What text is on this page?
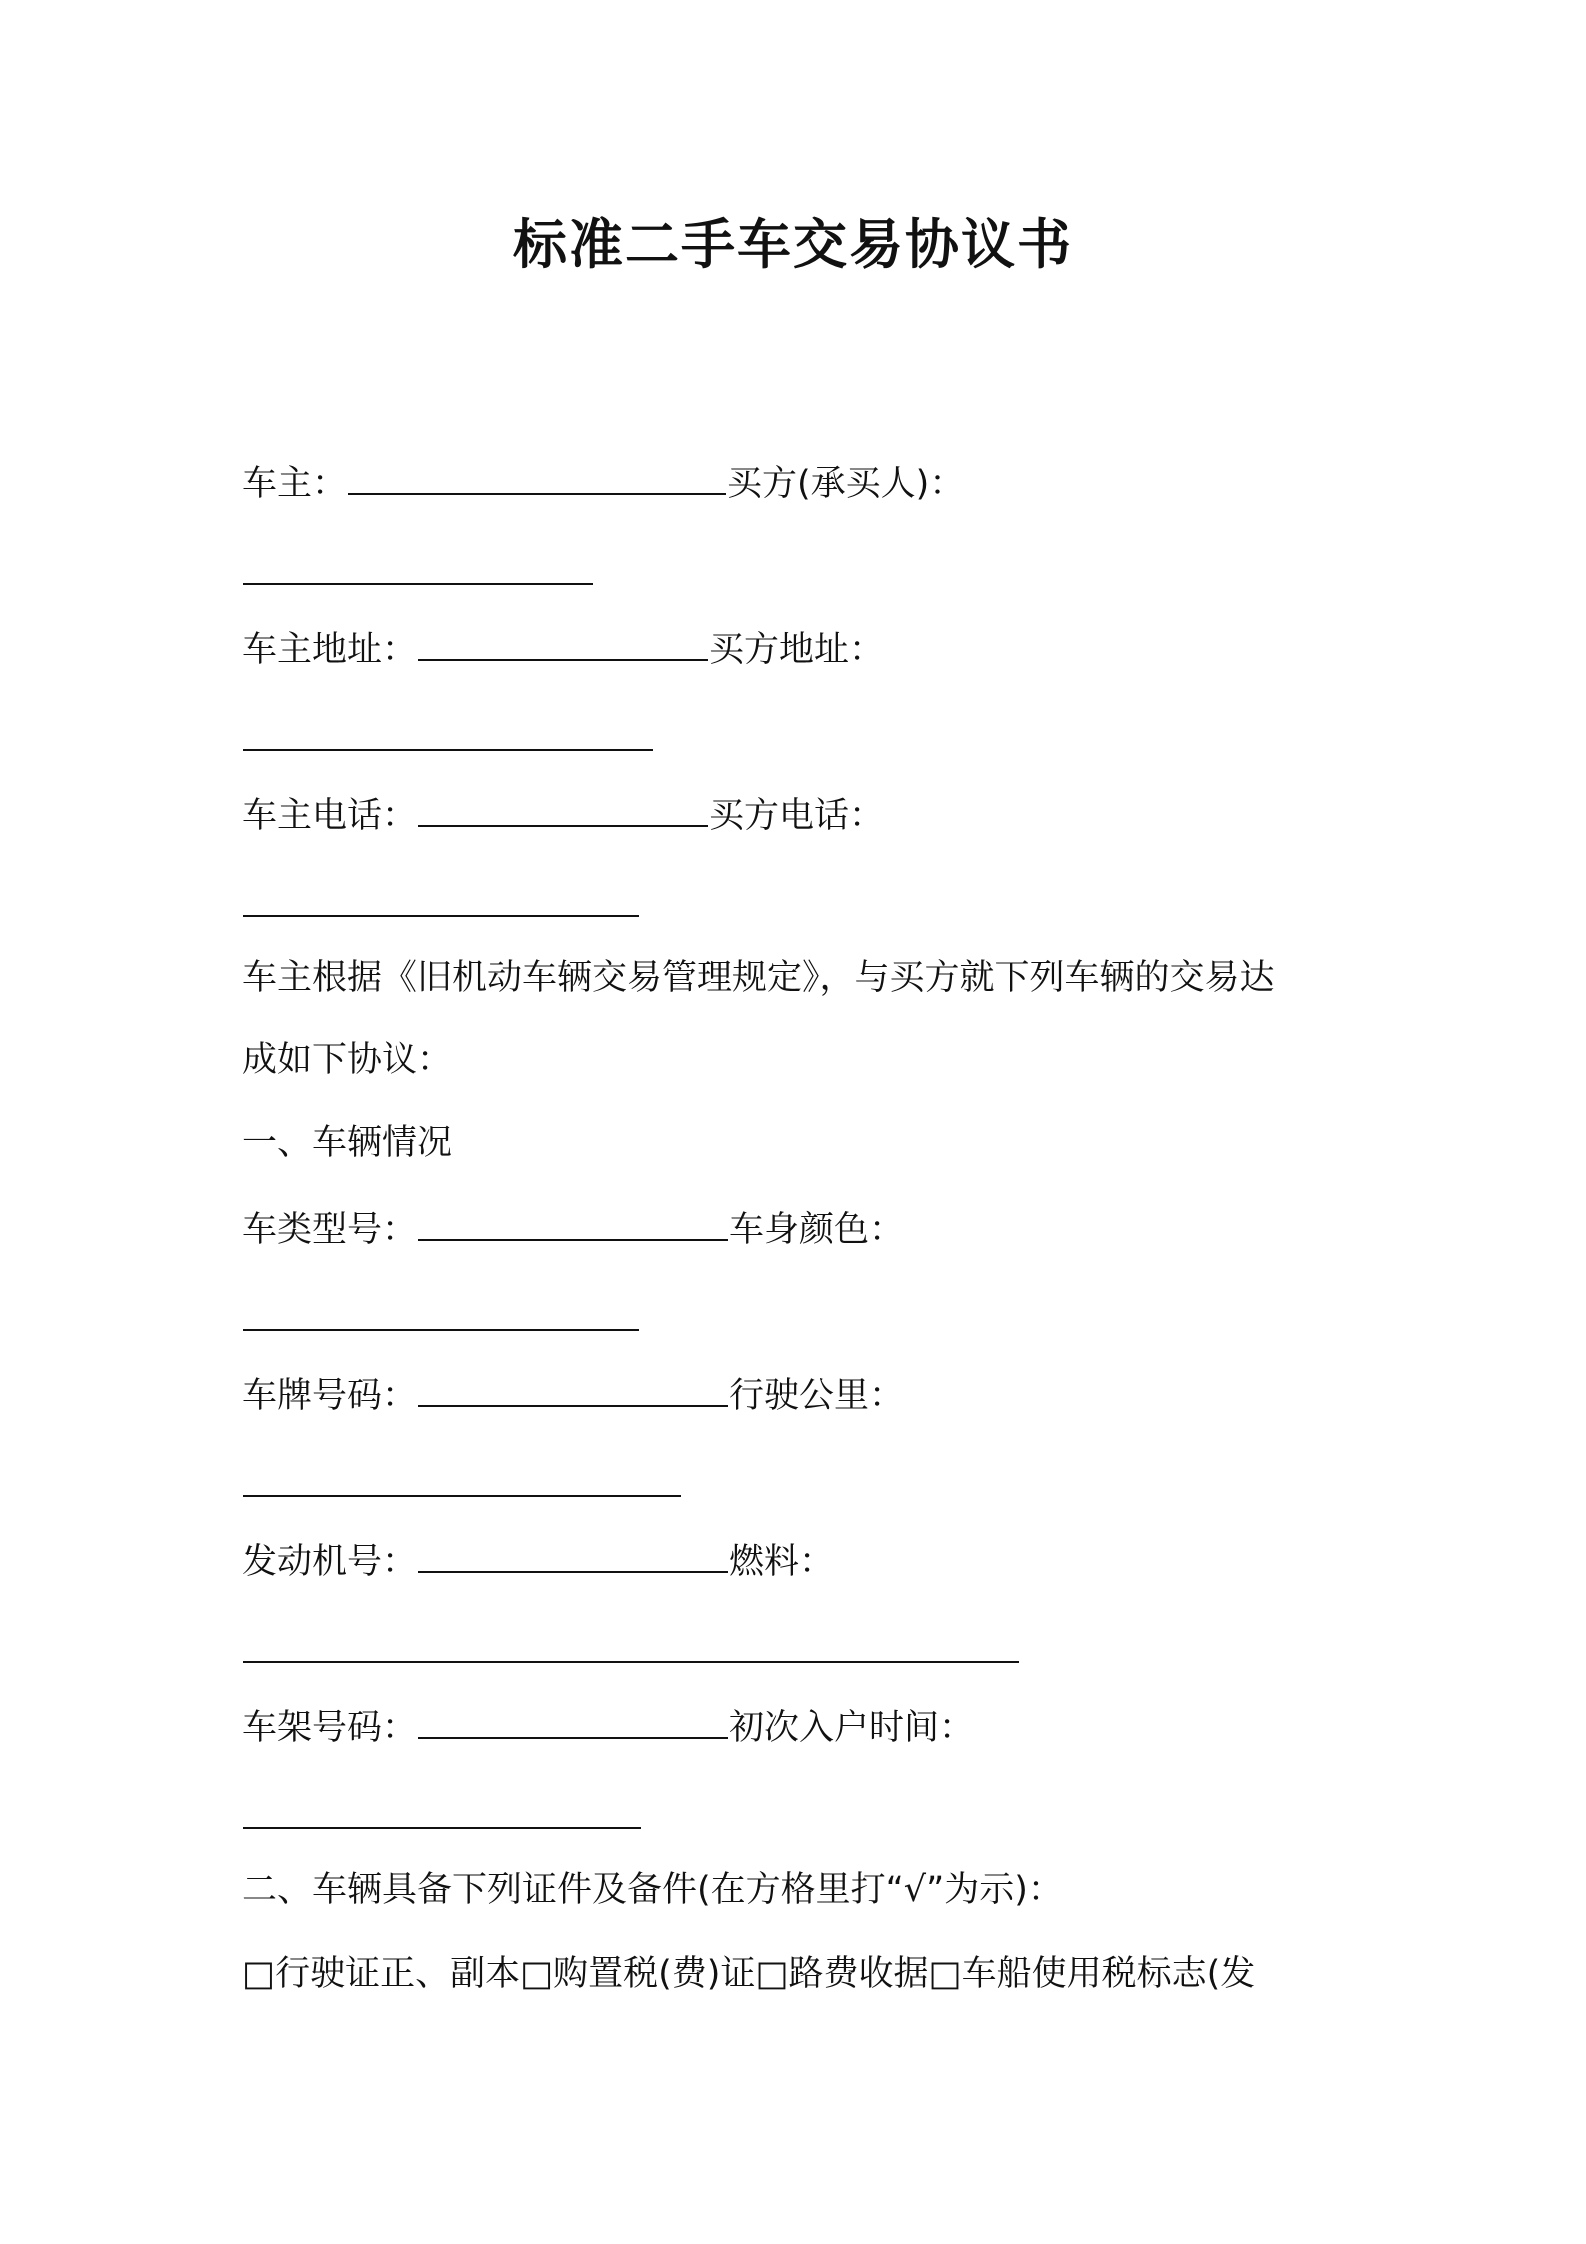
标准二手车交易协议书

车主：	买方(承买人)：

车主地址：	买方地址：

车主电话：	买方电话：

车主根据《旧机动车辆交易管理规定》，与买方就下列车辆的交易达

成如下协议：

一、车辆情况

车类型号：	车身颜色：

车牌号码：	行驶公里：

发动机号：	燃料：

车架号码：	初次入户时间：

二、车辆具备下列证件及备件(在方格里打“√”为示)：

□行驶证正、副本□购置税(费)证□路费收据□车船使用税标志(发
